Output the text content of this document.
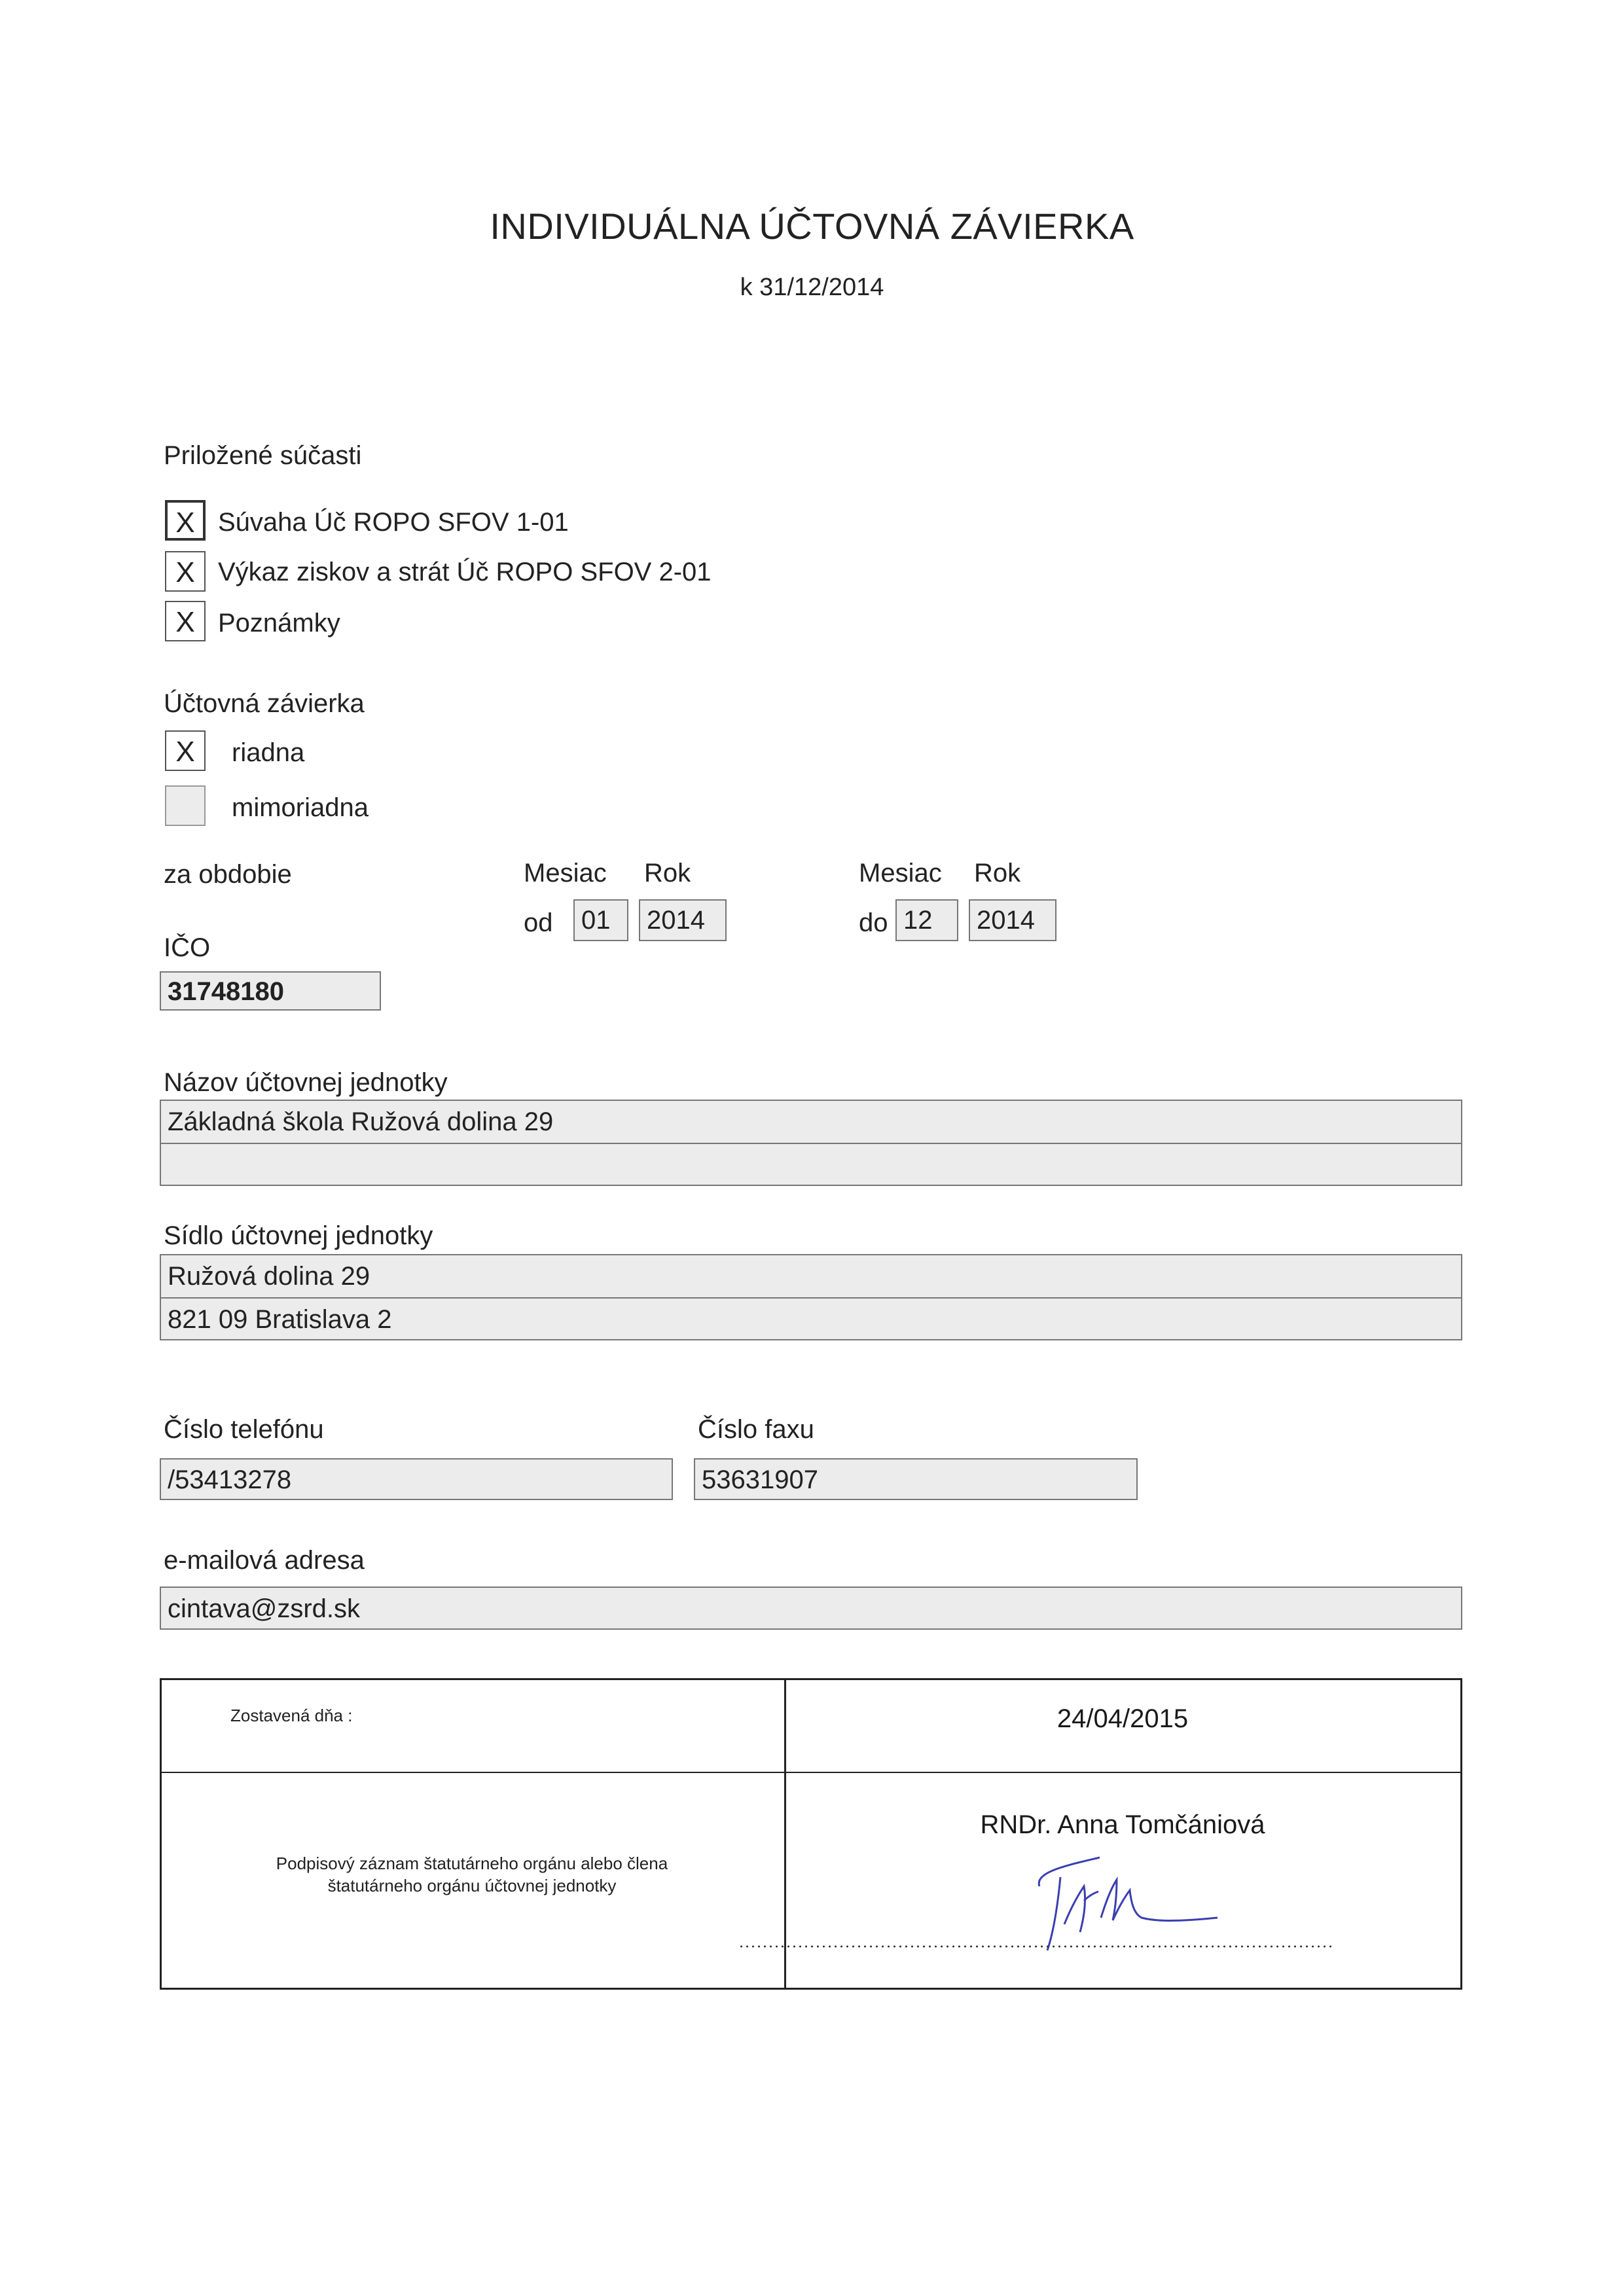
INDIVIDUÁLNA ÚČTOVNÁ ZÁVIERKA
k 31/12/2014
Priložené súčasti
X Súvaha Úč ROPO SFOV 1-01
X Výkaz ziskov a strát Úč ROPO SFOV 2-01
X Poznámky
Účtovná závierka
X	riadna
mimoriadna
za obdobie	Mesiac Rok
od	01	2014
Mesiac Rok
do 12	2014
IČO
31748180
Názov účtovnej jednotky
Základná škola Ružová dolina 29
Sídlo účtovnej jednotky
Ružová dolina 29
821 09 Bratislava 2
Číslo telefónu
/53413278
Číslo faxu
53631907
e-mailová adresa
cintava@zsrd.sk
Zostavená dňa :	24/04/2015
Podpisový záznam štatutárneho orgánu alebo člena
štatutárneho orgánu účtovnej jednotky
RNDr. Anna Tomčániová
